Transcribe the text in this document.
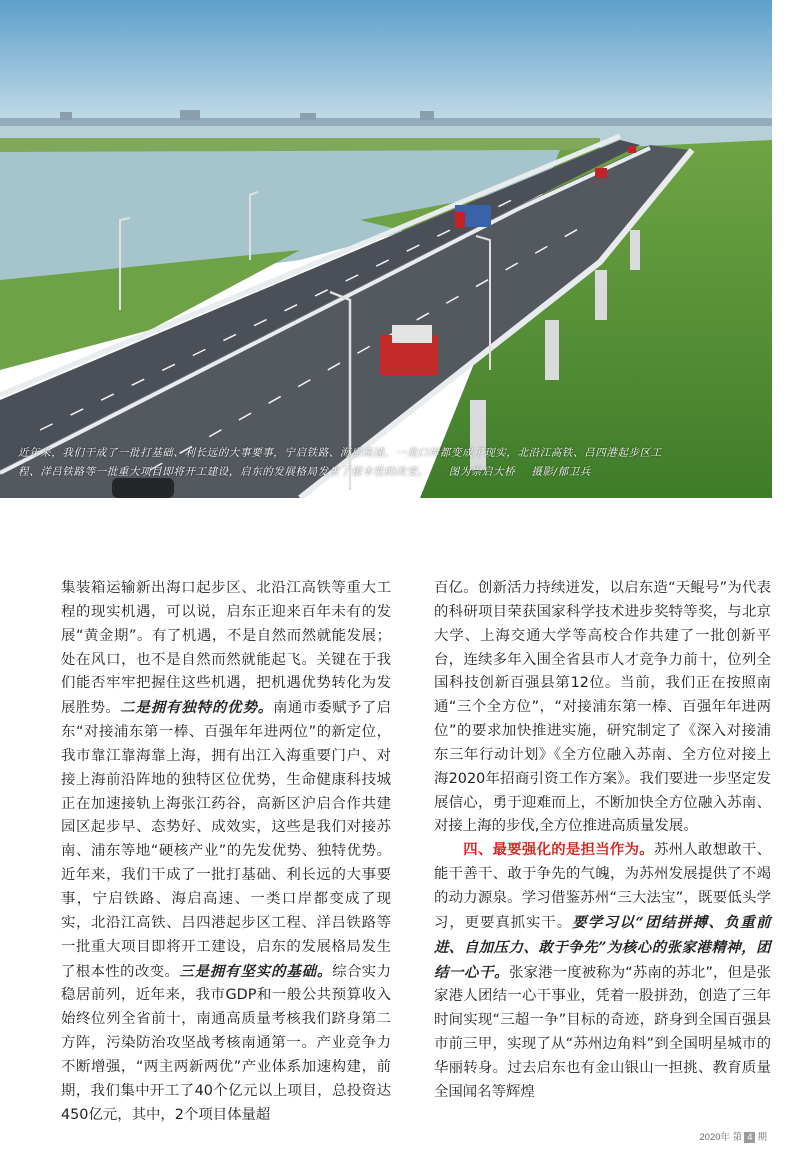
近年来，我们干成了一批打基础、利长远的大事要事，宁启铁路、海启高速、一类口岸都变成了现实，北沿江高铁、吕四港起步区工
程、洋吕铁路等一批重大项目即将开工建设，启东的发展格局发生了根本性的改变。 图为崇启大桥 摄影/郁卫兵

集装箱运输新出海口起步区、北沿江高铁等重大工程的现实机遇，可以说，启东正迎来百年未有的发展“黄金期”。有了机遇，不是自然而然就能发展；处在风口，也不是自然而然就能起飞。关键在于我们能否牢牢把握住这些机遇，把机遇优势转化为发展胜势。二是拥有独特的优势。南通市委赋予了启东“对接浦东第一棒、百强年年进两位”的新定位，我市靠江靠海靠上海，拥有出江入海重要门户、对接上海前沿阵地的独特区位优势，生命健康科技城正在加速接轨上海张江药谷，高新区沪启合作共建园区起步早、态势好、成效实，这些是我们对接苏南、浦东等地“硬核产业”的先发优势、独特优势。近年来，我们干成了一批打基础、利长远的大事要事，宁启铁路、海启高速、一类口岸都变成了现实，北沿江高铁、吕四港起步区工程、洋吕铁路等一批重大项目即将开工建设，启东的发展格局发生了根本性的改变。三是拥有坚实的基础。综合实力稳居前列，近年来，我市GDP和一般公共预算收入始终位列全省前十，南通高质量考核我们跻身第二方阵，污染防治攻坚战考核南通第一。产业竞争力不断增强，“两主两新两优”产业体系加速构建，前期，我们集中开工了40个亿元以上项目，总投资达450亿元，其中，2个项目体量超

百亿。创新活力持续迸发，以启东造“天鲲号”为代表的科研项目荣获国家科学技术进步奖特等奖，与北京大学、上海交通大学等高校合作共建了一批创新平台，连续多年入围全省县市人才竞争力前十，位列全国科技创新百强县第12位。当前，我们正在按照南通“三个全方位”，“对接浦东第一棒、百强年年进两位”的要求加快推进实施，研究制定了《深入对接浦东三年行动计划》《全方位融入苏南、全方位对接上海2020年招商引资工作方案》。我们要进一步坚定发展信心，勇于迎难而上，不断加快全方位融入苏南、对接上海的步伐,全方位推进高质量发展。
四、最要强化的是担当作为。苏州人敢想敢干、能干善干、敢于争先的气魄，为苏州发展提供了不竭的动力源泉。学习借鉴苏州“三大法宝”，既要低头学习，更要真抓实干。要学习以“团结拼搏、负重前进、自加压力、敢于争先”为核心的张家港精神，团结一心干。张家港一度被称为“苏南的苏北”，但是张家港人团结一心干事业，凭着一股拼劲，创造了三年时间实现“三超一争”目标的奇迹，跻身到全国百强县市前三甲，实现了从“苏州边角料”到全国明星城市的华丽转身。过去启东也有金山银山一担挑、教育质量全国闻名等辉煌

2020年 第 4 期
